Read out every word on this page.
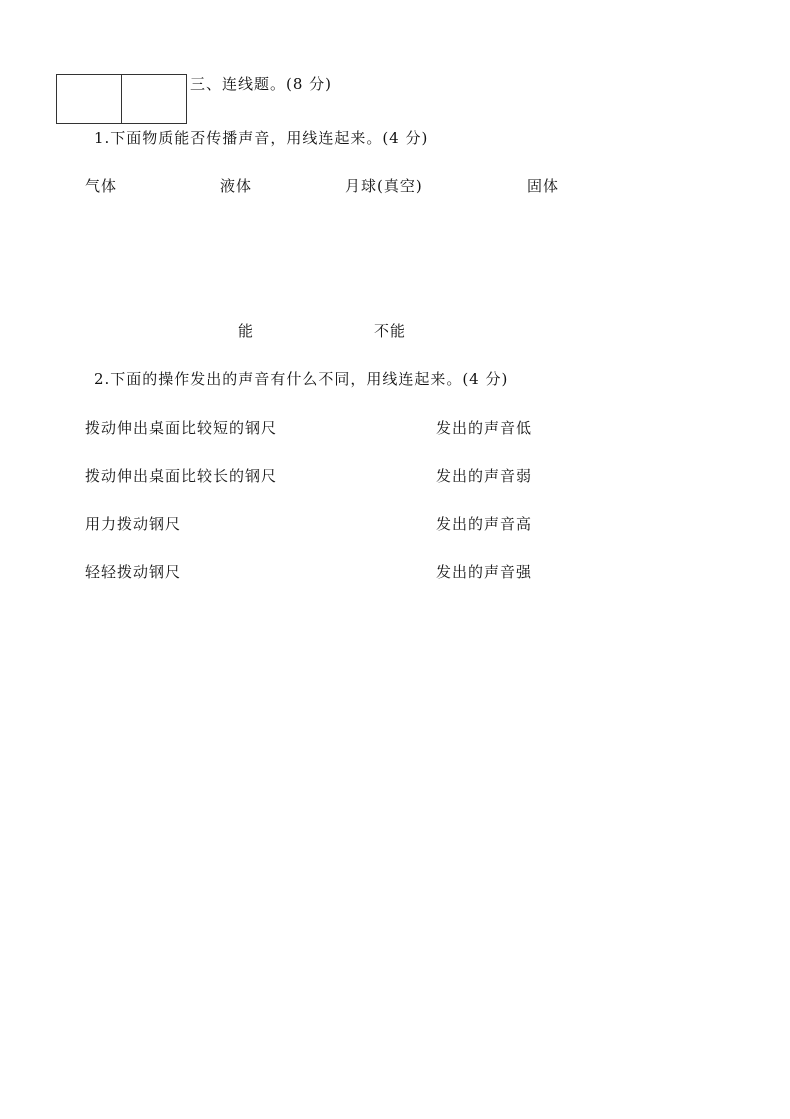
三、连线题。(8 分)
1.下面物质能否传播声音，用线连起来。(4 分)
气体	液体	月球(真空)	固体
能	不能
2.下面的操作发出的声音有什么不同，用线连起来。(4 分)
拨动伸出桌面比较短的钢尺	发出的声音低
拨动伸出桌面比较长的钢尺	发出的声音弱
用力拨动钢尺	发出的声音高
轻轻拨动钢尺	发出的声音强
